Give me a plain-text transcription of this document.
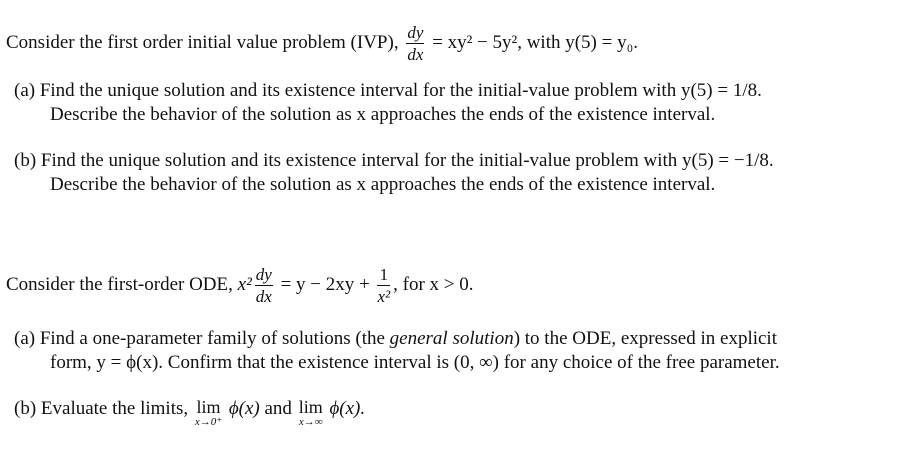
Consider the first order initial value problem (IVP), $\frac{dy}{dx} = xy^2 - 5y^2$, with y(5) = y₀.
(a) Find the unique solution and its existence interval for the initial-value problem with y(5) = 1/8.
Describe the behavior of the solution as x approaches the ends of the existence interval.
(b) Find the unique solution and its existence interval for the initial-value problem with y(5) = −1/8.
Describe the behavior of the solution as x approaches the ends of the existence interval.
Consider the first-order ODE, $x^2 \frac{dy}{dx} = y - 2xy + \frac{1}{\text{x²}}$ , for x > 0.
(a) Find a one-parameter family of solutions (the general solution) to the ODE, expressed in explicit
form, y = ϕ(x). Confirm that the existence interval is (0, ∞) for any choice of the free parameter.
(b) Evaluate the limits, lim
x→0⁺
ϕ(x) and lim
x→∞
ϕ(x).
